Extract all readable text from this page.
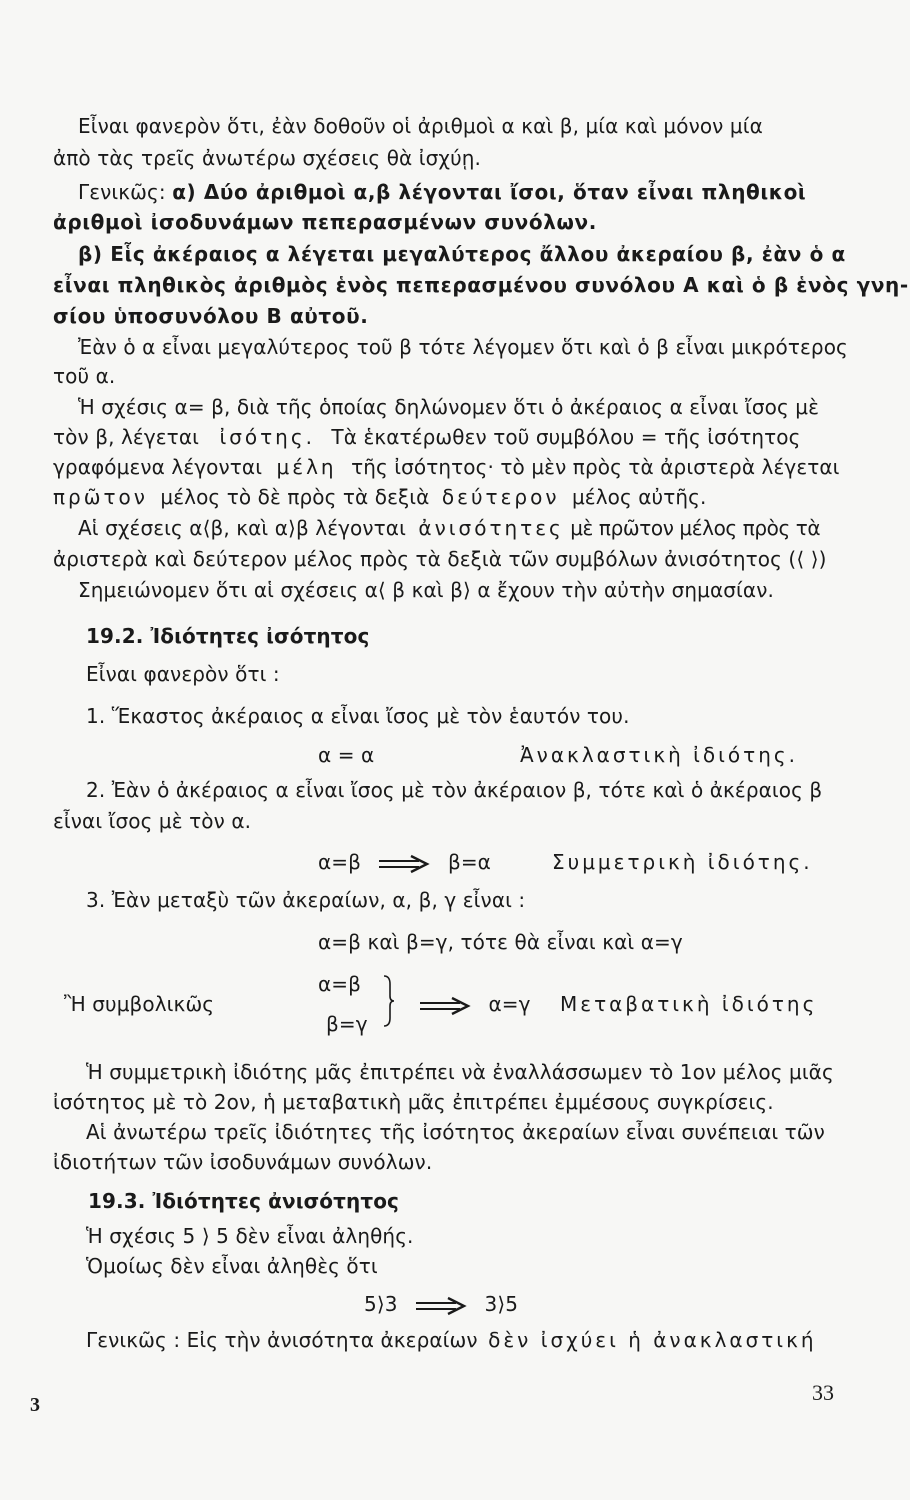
Εἶναι φανερὸν ὅτι, ἐὰν δοθοῦν οἱ ἀριθμοὶ α καὶ β, μία καὶ μόνον μία
ἀπὸ τὰς τρεῖς ἀνωτέρω σχέσεις θὰ ἰσχύῃ.
Γενικῶς: α) Δύο ἀριθμοὶ α,β λέγονται ἴσοι, ὅταν εἶναι πληθικοὶ
ἀριθμοὶ ἰσοδυνάμων πεπερασμένων συνόλων.
β) Εἷς ἀκέραιος α λέγεται μεγαλύτερος ἄλλου ἀκεραίου β, ἐὰν ὁ α
εἶναι πληθικὸς ἀριθμὸς ἑνὸς πεπερασμένου συνόλου Α καὶ ὁ β ἑνὸς γνη-
σίου ὑποσυνόλου Β αὐτοῦ.
Ἐὰν ὁ α εἶναι μεγαλύτερος τοῦ β τότε λέγομεν ὅτι καὶ ὁ β εἶναι μικρότερος
τοῦ α.
Ἡ σχέσις α= β, διὰ τῆς ὁποίας δηλώνομεν ὅτι ὁ ἀκέραιος α εἶναι ἴσος μὲ
τὸν β, λέγεται ἰσότης. Τὰ ἑκατέρωθεν τοῦ συμβόλου = τῆς ἰσότητος
γραφόμενα λέγονται μέλη τῆς ἰσότητος· τὸ μὲν πρὸς τὰ ἀριστερὰ λέγεται
πρῶτον μέλος τὸ δὲ πρὸς τὰ δεξιὰ δεύτερον μέλος αὐτῆς.
Αἱ σχέσεις α⟨β, καὶ α⟩β λέγονται ἀνισότητες μὲ πρῶτον μέλος πρὸς τὰ
ἀριστερὰ καὶ δεύτερον μέλος πρὸς τὰ δεξιὰ τῶν συμβόλων ἀνισότητος (⟨ ⟩)
Σημειώνομεν ὅτι αἱ σχέσεις α⟨ β καὶ β⟩ α ἔχουν τὴν αὐτὴν σημασίαν.
19.2. Ἰδιότητες ἰσότητος
Εἶναι φανερὸν ὅτι :
1. Ἕκαστος ἀκέραιος α εἶναι ἴσος μὲ τὸν ἑαυτόν του.
α = α	Ἀνακλαστικὴ ἰδιότης.
2. Ἐὰν ὁ ἀκέραιος α εἶναι ἴσος μὲ τὸν ἀκέραιον β, τότε καὶ ὁ ἀκέραιος β
εἶναι ἴσος μὲ τὸν α.
α=β	β=α	Συμμετρικὴ ἰδιότης.
3. Ἐὰν μεταξὺ τῶν ἀκεραίων, α, β, γ εἶναι :
α=β καὶ β=γ, τότε θὰ εἶναι καὶ α=γ
α=β
β=γ
Ἢ συμβολικῶς	α=γ Μεταβατικὴ ἰδιότης
Ἡ συμμετρικὴ ἰδιότης μᾶς ἐπιτρέπει νὰ ἐναλλάσσωμεν τὸ 1ον μέλος μιᾶς
ἰσότητος μὲ τὸ 2ον, ἡ μεταβατικὴ μᾶς ἐπιτρέπει ἐμμέσους συγκρίσεις.
Αἱ ἀνωτέρω τρεῖς ἰδιότητες τῆς ἰσότητος ἀκεραίων εἶναι συνέπειαι τῶν
ἰδιοτήτων τῶν ἰσοδυνάμων συνόλων.
19.3. Ἰδιότητες ἀνισότητος
Ἡ σχέσις 5 ⟩ 5 δὲν εἶναι ἀληθής.
Ὁμοίως δὲν εἶναι ἀληθὲς ὅτι
5⟩3	3⟩5
Γενικῶς : Εἰς τὴν ἀνισότητα ἀκεραίων δὲν ἰσχύει ἡ ἀνακλαστική
3	33
